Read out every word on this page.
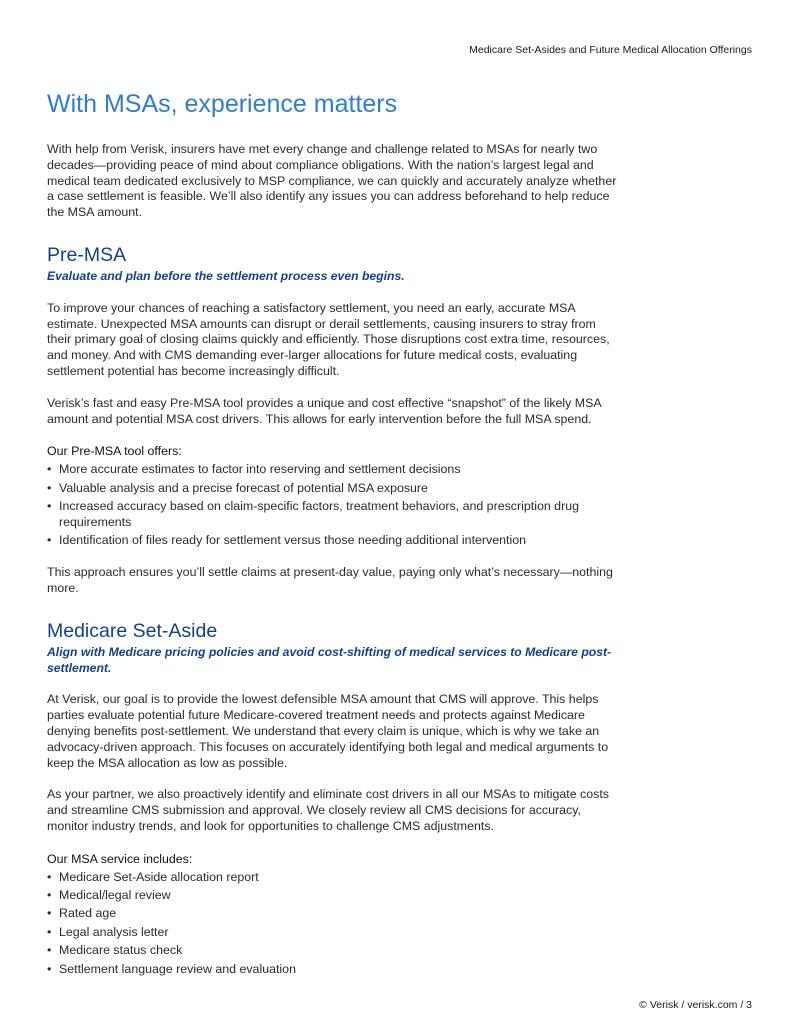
Medicare Set-Asides and Future Medical Allocation Offerings
With MSAs, experience matters

With help from Verisk, insurers have met every change and challenge related to MSAs for nearly two decades—providing peace of mind about compliance obligations. With the nation’s largest legal and medical team dedicated exclusively to MSP compliance, we can quickly and accurately analyze whether a case settlement is feasible. We’ll also identify any issues you can address beforehand to help reduce the MSA amount.

Pre-MSA
Evaluate and plan before the settlement process even begins.

To improve your chances of reaching a satisfactory settlement, you need an early, accurate MSA estimate. Unexpected MSA amounts can disrupt or derail settlements, causing insurers to stray from their primary goal of closing claims quickly and efficiently. Those disruptions cost extra time, resources, and money. And with CMS demanding ever-larger allocations for future medical costs, evaluating settlement potential has become increasingly difficult.

Verisk’s fast and easy Pre-MSA tool provides a unique and cost effective “snapshot” of the likely MSA amount and potential MSA cost drivers. This allows for early intervention before the full MSA spend.

Our Pre-MSA tool offers:
• More accurate estimates to factor into reserving and settlement decisions
• Valuable analysis and a precise forecast of potential MSA exposure
• Increased accuracy based on claim-specific factors, treatment behaviors, and prescription drug requirements
• Identification of files ready for settlement versus those needing additional intervention

This approach ensures you’ll settle claims at present-day value, paying only what’s necessary—nothing more.

Medicare Set-Aside
Align with Medicare pricing policies and avoid cost-shifting of medical services to Medicare post-settlement.

At Verisk, our goal is to provide the lowest defensible MSA amount that CMS will approve. This helps parties evaluate potential future Medicare-covered treatment needs and protects against Medicare denying benefits post-settlement. We understand that every claim is unique, which is why we take an advocacy-driven approach. This focuses on accurately identifying both legal and medical arguments to keep the MSA allocation as low as possible.

As your partner, we also proactively identify and eliminate cost drivers in all our MSAs to mitigate costs and streamline CMS submission and approval. We closely review all CMS decisions for accuracy, monitor industry trends, and look for opportunities to challenge CMS adjustments.

Our MSA service includes:
• Medicare Set-Aside allocation report
• Medical/legal review
• Rated age
• Legal analysis letter
• Medicare status check
• Settlement language review and evaluation
© Verisk / verisk.com / 3
